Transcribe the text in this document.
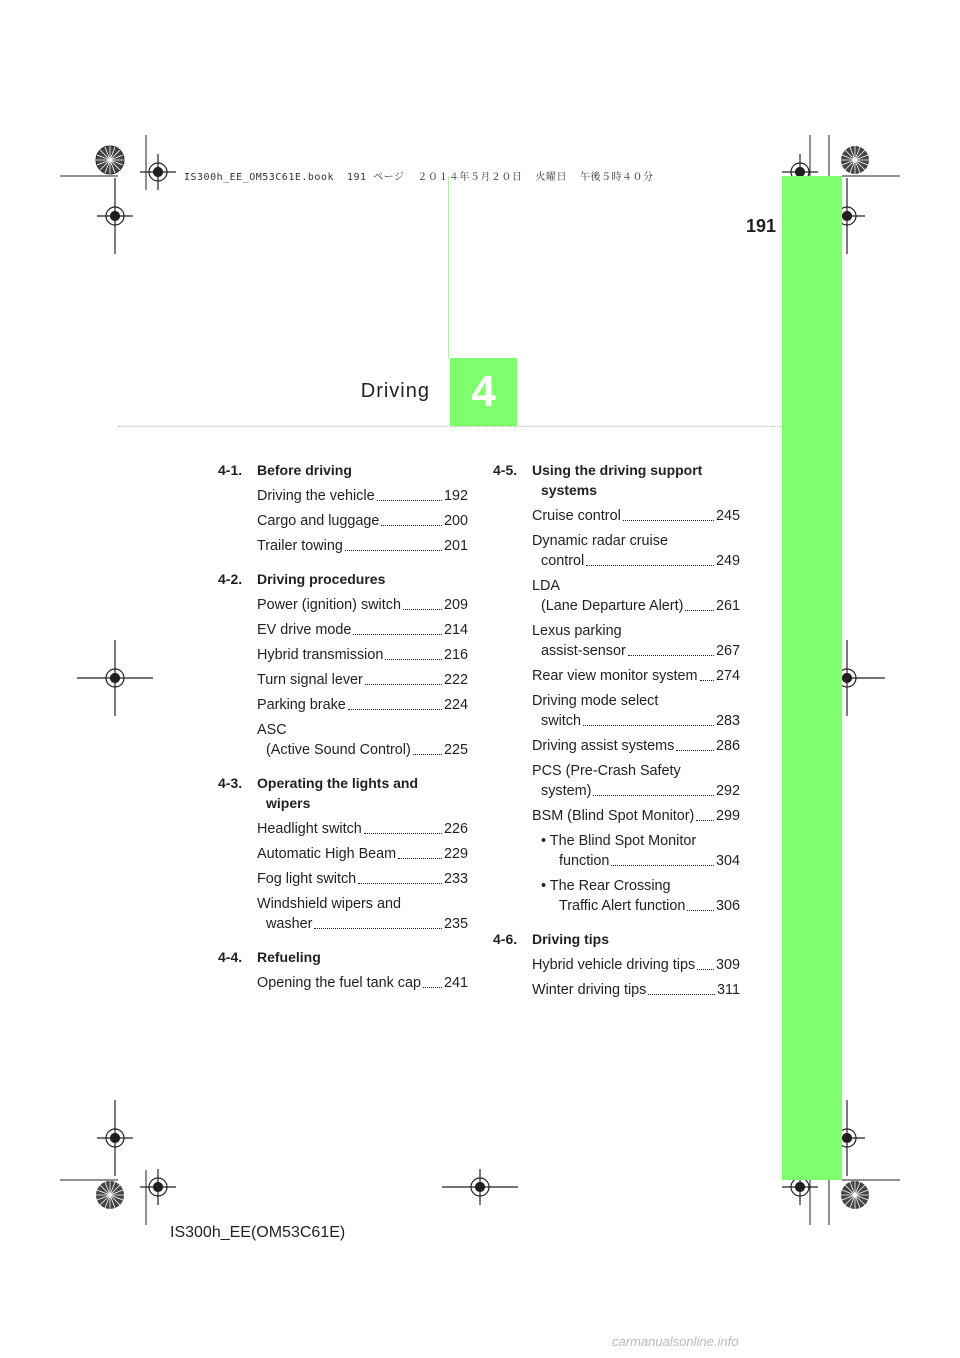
4
Driving
191
IS300h_EE_OM53C61E.book  191 ページ  ２０１４年５月２０日  火曜日  午後５時４０分
4-1.	Before driving
Driving the vehicle	192
Cargo and luggage	200
Trailer towing	201
4-2.	Driving procedures
Power (ignition) switch	209
EV drive mode	214
Hybrid transmission	216
Turn signal lever	222
Parking brake	224
ASC
(Active Sound Control) 225
4-3.	Operating the lights and
wipers
Headlight switch	226
Automatic High Beam	229
Fog light switch	233
Windshield wipers and
washer	235
4-4.	Refueling
Opening the fuel tank cap 241
4-5.	Using the driving support
systems
Cruise control	245
Dynamic radar cruise
control	249
LDA
(Lane Departure Alert) 261
Lexus parking
assist-sensor	267
Rear view monitor system 274
Driving mode select
switch	283
Driving assist systems	286
PCS (Pre-Crash Safety
system)	292
BSM (Blind Spot Monitor) 299
• The Blind Spot Monitor
function	304
• The Rear Crossing
Traffic Alert function 306
4-6.	Driving tips
Hybrid vehicle driving tips 309
Winter driving tips	311
IS300h_EE(OM53C61E)
carmanualsonline.info
